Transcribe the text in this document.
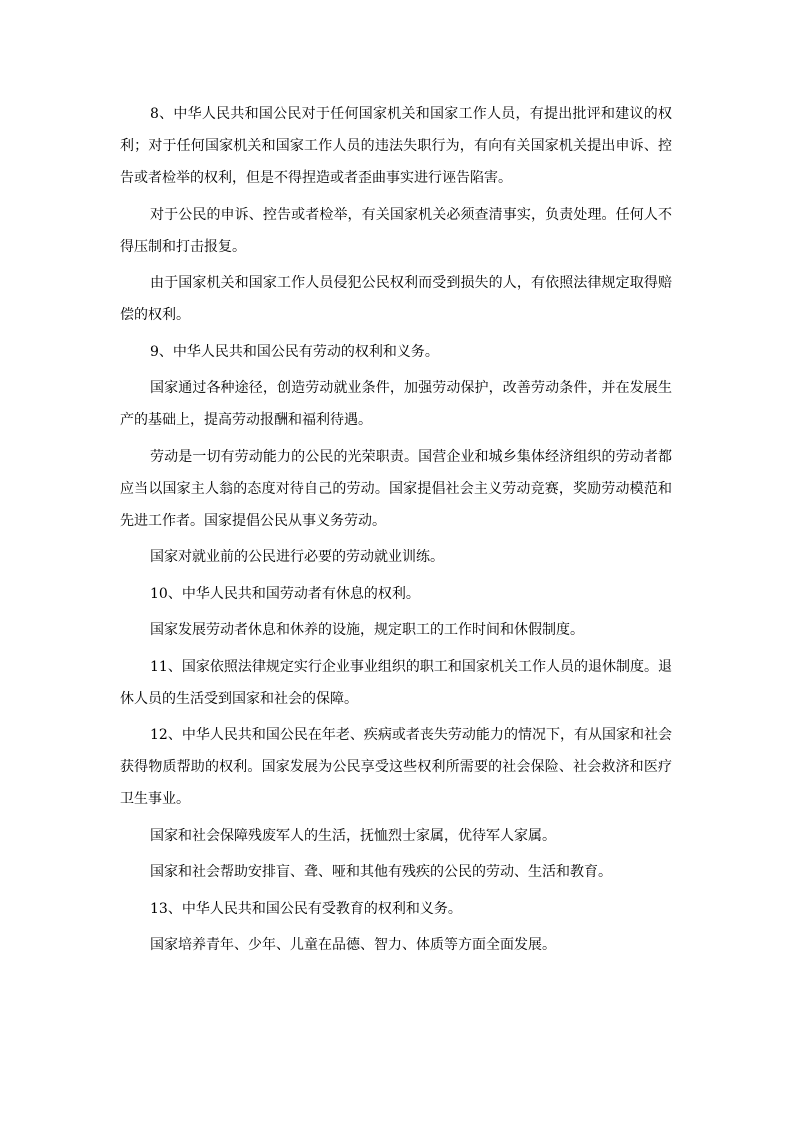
8、中华人民共和国公民对于任何国家机关和国家工作人员，有提出批评和建议的权利；对于任何国家机关和国家工作人员的违法失职行为，有向有关国家机关提出申诉、控告或者检举的权利，但是不得捏造或者歪曲事实进行诬告陷害。

对于公民的申诉、控告或者检举，有关国家机关必须查清事实，负责处理。任何人不得压制和打击报复。

由于国家机关和国家工作人员侵犯公民权利而受到损失的人，有依照法律规定取得赔偿的权利。

9、中华人民共和国公民有劳动的权利和义务。

国家通过各种途径，创造劳动就业条件，加强劳动保护，改善劳动条件，并在发展生产的基础上，提高劳动报酬和福利待遇。

劳动是一切有劳动能力的公民的光荣职责。国营企业和城乡集体经济组织的劳动者都应当以国家主人翁的态度对待自己的劳动。国家提倡社会主义劳动竞赛，奖励劳动模范和先进工作者。国家提倡公民从事义务劳动。

国家对就业前的公民进行必要的劳动就业训练。

10、中华人民共和国劳动者有休息的权利。

国家发展劳动者休息和休养的设施，规定职工的工作时间和休假制度。

11、国家依照法律规定实行企业事业组织的职工和国家机关工作人员的退休制度。退休人员的生活受到国家和社会的保障。

12、中华人民共和国公民在年老、疾病或者丧失劳动能力的情况下，有从国家和社会获得物质帮助的权利。国家发展为公民享受这些权利所需要的社会保险、社会救济和医疗卫生事业。

国家和社会保障残废军人的生活，抚恤烈士家属，优待军人家属。

国家和社会帮助安排盲、聋、哑和其他有残疾的公民的劳动、生活和教育。

13、中华人民共和国公民有受教育的权利和义务。

国家培养青年、少年、儿童在品德、智力、体质等方面全面发展。
